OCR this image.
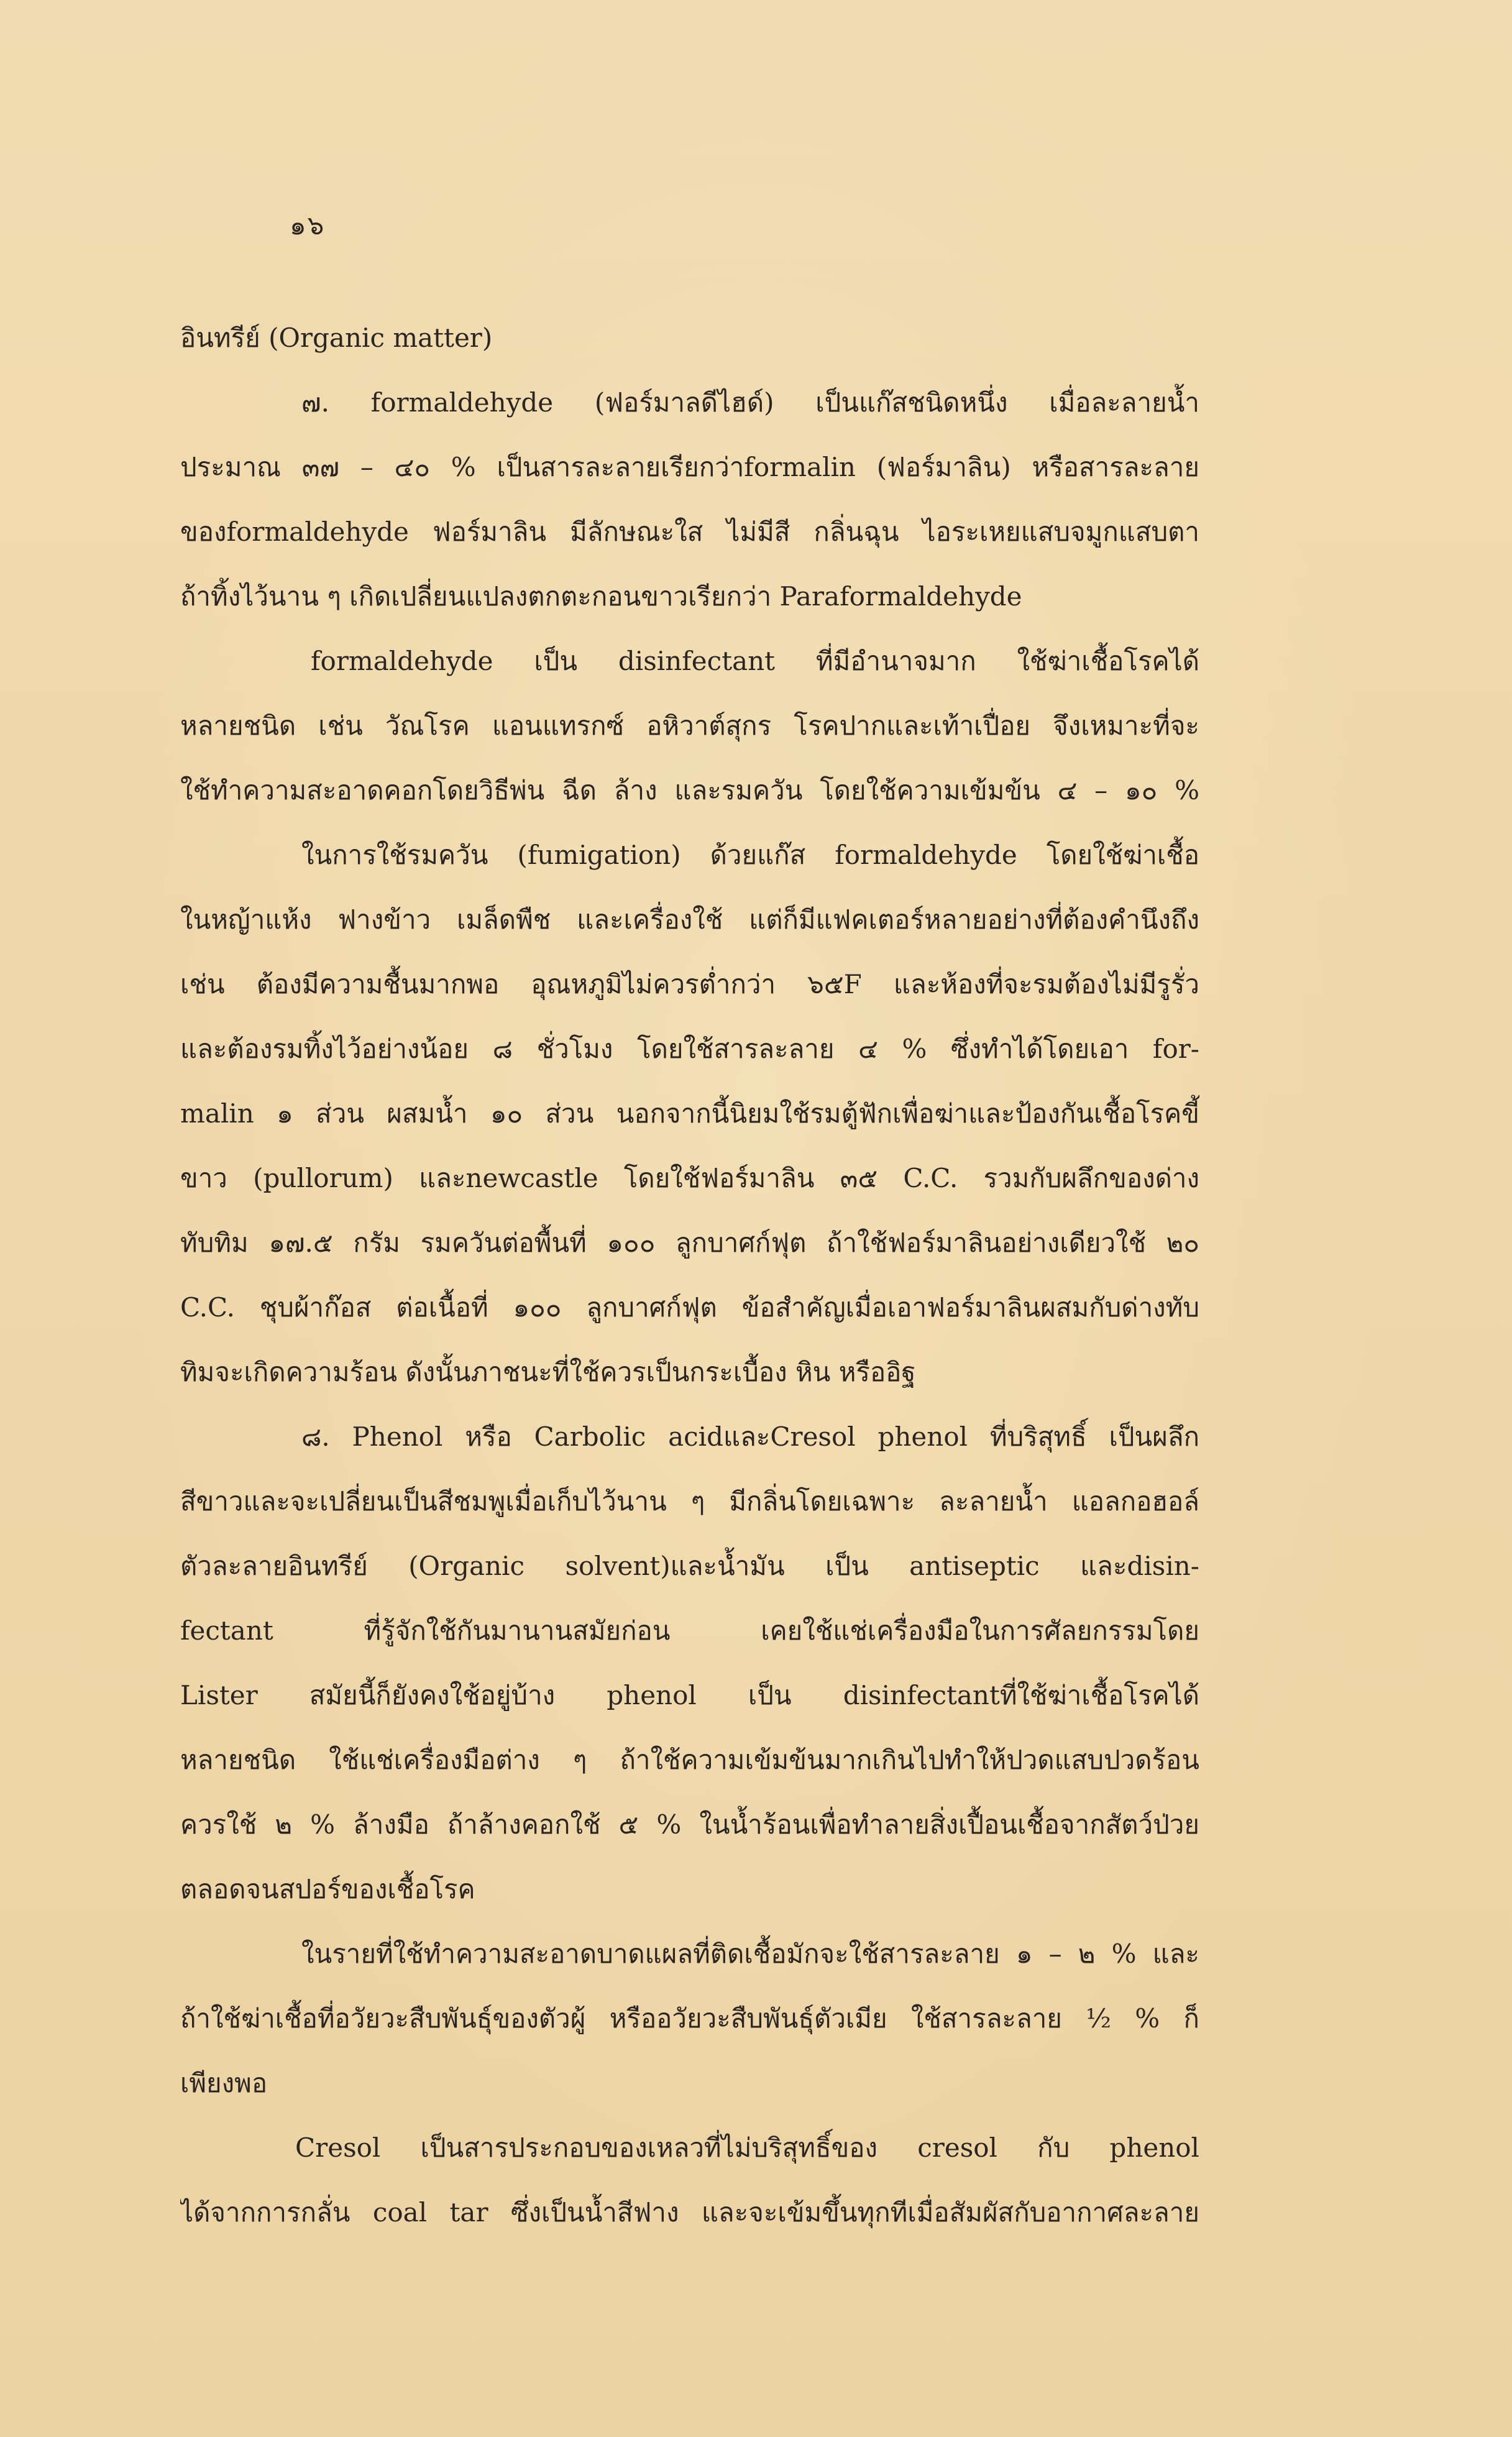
๑๖
อินทรีย์ (Organic matter)
๗. formaldehyde (ฟอร์มาลดีไฮด์) เป็นแก๊สชนิดหนึ่ง เมื่อละลายน้ำ
ประมาณ ๓๗ – ๔๐ % เป็นสารละลายเรียกว่าformalin (ฟอร์มาลิน) หรือสารละลาย
ของformaldehyde ฟอร์มาลิน มีลักษณะใส ไม่มีสี กลิ่นฉุน ไอระเหยแสบจมูกแสบตา
ถ้าทิ้งไว้นาน ๆ เกิดเปลี่ยนแปลงตกตะกอนขาวเรียกว่า Paraformaldehyde
formaldehyde เป็น disinfectant ที่มีอำนาจมาก ใช้ฆ่าเชื้อโรคได้
หลายชนิด เช่น วัณโรค แอนแทรกซ์ อหิวาต์สุกร โรคปากและเท้าเปื่อย จึงเหมาะที่จะ
ใช้ทำความสะอาดคอกโดยวิธีพ่น ฉีด ล้าง และรมควัน โดยใช้ความเข้มข้น ๔ – ๑๐ %
ในการใช้รมควัน (fumigation) ด้วยแก๊ส formaldehyde โดยใช้ฆ่าเชื้อ
ในหญ้าแห้ง ฟางข้าว เมล็ดพืช และเครื่องใช้ แต่ก็มีแฟคเตอร์หลายอย่างที่ต้องคำนึงถึง
เช่น ต้องมีความชื้นมากพอ อุณหภูมิไม่ควรต่ำกว่า ๖๕F และห้องที่จะรมต้องไม่มีรูรั่ว
และต้องรมทิ้งไว้อย่างน้อย ๘ ชั่วโมง โดยใช้สารละลาย ๔ % ซึ่งทำได้โดยเอา for-
malin ๑ ส่วน ผสมน้ำ ๑๐ ส่วน นอกจากนี้นิยมใช้รมตู้ฟักเพื่อฆ่าและป้องกันเชื้อโรคขี้
ขาว (pullorum) และnewcastle โดยใช้ฟอร์มาลิน ๓๕ C.C. รวมกับผลึกของด่าง
ทับทิม ๑๗.๕ กรัม รมควันต่อพื้นที่ ๑๐๐ ลูกบาศก์ฟุต ถ้าใช้ฟอร์มาลินอย่างเดียวใช้ ๒๐
C.C. ชุบผ้าก๊อส ต่อเนื้อที่ ๑๐๐ ลูกบาศก์ฟุต ข้อสำคัญเมื่อเอาฟอร์มาลินผสมกับด่างทับ
ทิมจะเกิดความร้อน ดังนั้นภาชนะที่ใช้ควรเป็นกระเบื้อง หิน หรืออิฐ
๘. Phenol หรือ Carbolic acidและCresol phenol ที่บริสุทธิ์ เป็นผลึก
สีขาวและจะเปลี่ยนเป็นสีชมพูเมื่อเก็บไว้นาน ๆ มีกลิ่นโดยเฉพาะ ละลายน้ำ แอลกอฮอล์
ตัวละลายอินทรีย์ (Organic solvent)และน้ำมัน เป็น antiseptic และdisin-
fectant ที่รู้จักใช้กันมานานสมัยก่อน เคยใช้แช่เครื่องมือในการศัลยกรรมโดย
Lister สมัยนี้ก็ยังคงใช้อยู่บ้าง phenol เป็น disinfectantที่ใช้ฆ่าเชื้อโรคได้
หลายชนิด ใช้แช่เครื่องมือต่าง ๆ ถ้าใช้ความเข้มข้นมากเกินไปทำให้ปวดแสบปวดร้อน
ควรใช้ ๒ % ล้างมือ ถ้าล้างคอกใช้ ๕ % ในน้ำร้อนเพื่อทำลายสิ่งเปื้อนเชื้อจากสัตว์ป่วย
ตลอดจนสปอร์ของเชื้อโรค
ในรายที่ใช้ทำความสะอาดบาดแผลที่ติดเชื้อมักจะใช้สารละลาย ๑ – ๒ % และ
ถ้าใช้ฆ่าเชื้อที่อวัยวะสืบพันธุ์ของตัวผู้ หรืออวัยวะสืบพันธุ์ตัวเมีย ใช้สารละลาย ½ % ก็
เพียงพอ
Cresol เป็นสารประกอบของเหลวที่ไม่บริสุทธิ์ของ cresol กับ phenol
ได้จากการกลั่น coal tar ซึ่งเป็นน้ำสีฟาง และจะเข้มขึ้นทุกทีเมื่อสัมผัสกับอากาศละลาย
